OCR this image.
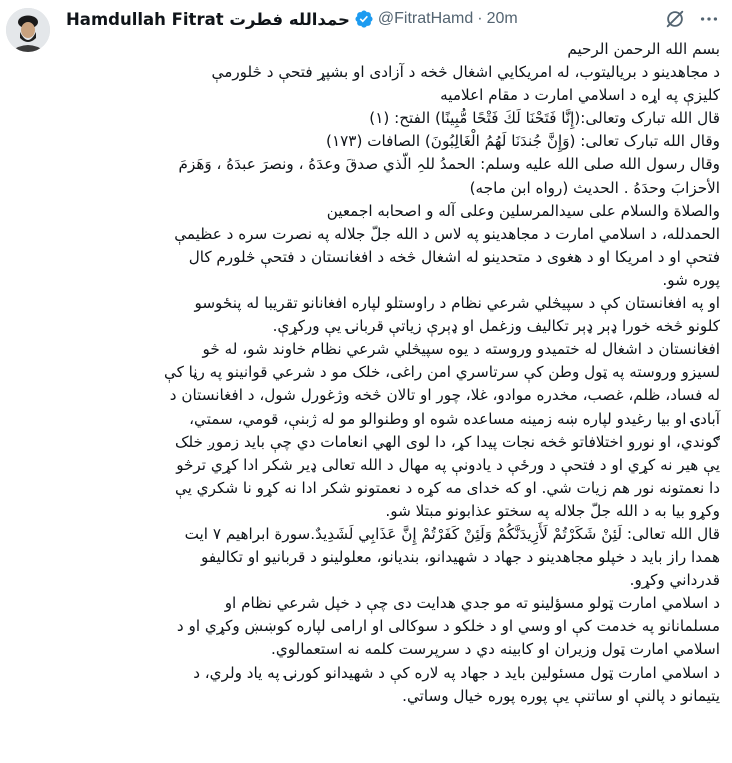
Hamdullah Fitrat حمدالله فطرت @FitratHamd · 20m

بسم الله الرحمن الرحیم

د مجاهدینو د بریالیتوب، له امریکایي اشغال څخه د آزادی او بشپړ فتحې د څلورمې

کلیزې په اړه د اسلامي امارت د مقام اعلامیه

قال الله تبارک وتعالی:(إِنَّا فَتَحْنَا لَكَ فَتْحًا مُّبِينًا) الفتح: (١)

وقال الله تبارک تعالی: (وَإِنَّ جُندَنَا لَهُمُ الْغَالِبُونَ) الصافات (١٧٣)

وقال رسول الله صلی الله علیه وسلم: الحمدُ للہِ الّذي صدقَ وعدَهُ ، ونصرَ عبدَهُ ، وَهَزمَ

الأحزابَ وحدَهُ . الحدیث (رواه ابن ماجه)

والصلاة والسلام علی سیدالمرسلین وعلی آله و اصحابه اجمعین

الحمدلله، د اسلامي امارت د مجاهدینو په لاس د الله جلّ جلاله په نصرت سره د عظیمې

فتحې او د امریکا او د هغوی د متحدینو له اشغال څخه د افغانستان د فتحې څلورم کال

پوره شو.

او په افغانستان کې د سپیڅلي شرعي نظام د راوستلو لپاره افغانانو تقریبا له پنځوسو

کلونو څخه خورا ډېر ډېر تکالیف وزغمل او ډېرې زیاتې قربانۍ یې ورکړې.

افغانستان د اشغال له ختمیدو وروسته د یوه سپیڅلي شرعي نظام خاوند شو، له څو

لسیزو وروسته په ټول وطن کې سرتاسري امن راغی، خلک مو د شرعي قوانینو په رڼا کې

له فساد، ظلم، غصب، مخدره موادو، غلا، چور او تالان څخه وژغورل شول، د افغانستان د

آبادۍ او بیا رغیدو لپاره ښه زمینه مساعده شوه او وطنوالو مو له ژبنې، قومي، سمتي،

ګوندي، او نورو اختلافاتو څخه نجات پیدا کړ، دا لوی الهي انعامات دي چې باید زموږ خلک

یې هیر نه کړي او د فتحې د ورځې د یادونې په مهال د الله تعالی ډیر شکر ادا کړي ترڅو

دا نعمتونه نور هم زیات شي. او که خدای مه کړه د نعمتونو شکر ادا نه کړو نا شکري یې

وکړو بیا به د الله جلّ جلاله په سختو عذابونو مبتلا شو.

قال الله تعالی: لَئِنْ شَكَرْتُمْ لَأَزِيدَنَّكُمْ وَلَئِنْ كَفَرْتُمْ إِنَّ عَذَابِي لَشَدِيدٌ.سورة ابراهیم ۷ ایت

همدا راز باید د خپلو مجاهدینو د جهاد د شهیدانو، بندیانو، معلولینو د قربانیو او تکالیفو

قدرداني وکړو.

د اسلامي امارت ټولو مسؤلینو ته مو جدي هدایت دی چې د خپل شرعي نظام او

مسلمانانو په خدمت کې او وسي او د خلکو د سوکالی او ارامی لپاره کوښښ وکړي او د

اسلامي امارت ټول وزیران او کابینه دي د سرپرست کلمه نه استعمالوي.

د اسلامي امارت ټول مسئولین باید د جهاد په لاره کې د شهیدانو کورنۍ په یاد ولري، د

یتیمانو د پالنې او ساتنې یې پوره پوره خیال وساتي.
